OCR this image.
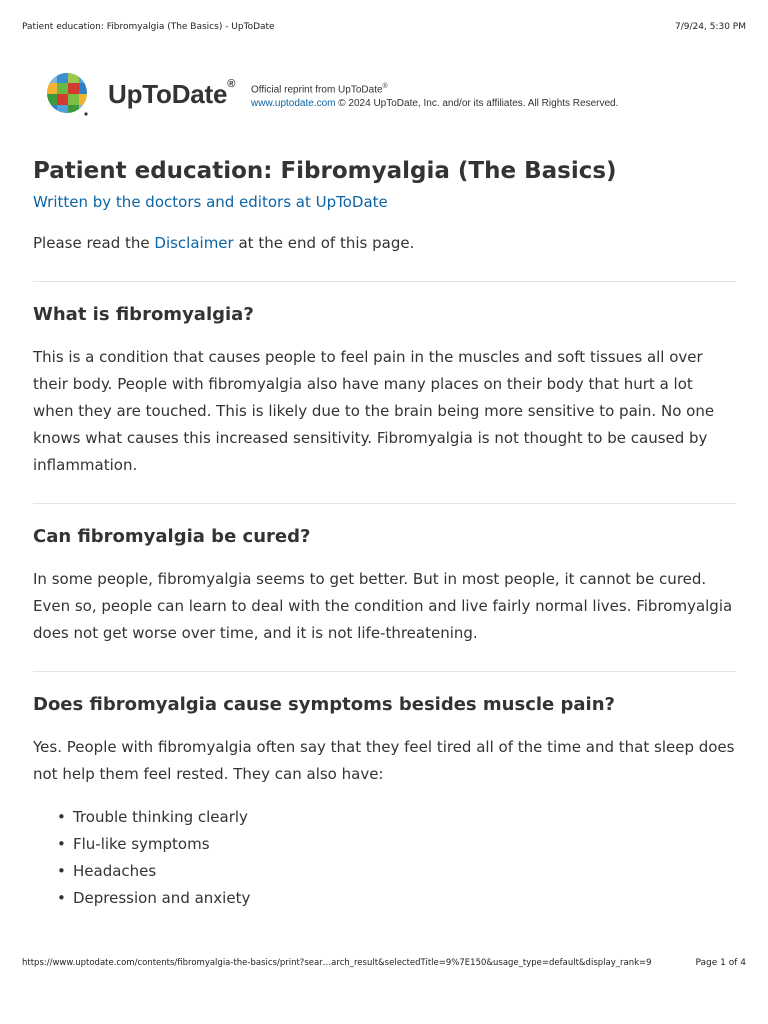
Patient education: Fibromyalgia (The Basics) - UpToDate	7/9/24, 5:30 PM
UpToDate® Official reprint from UpToDate®
www.uptodate.com © 2024 UpToDate, Inc. and/or its affiliates. All Rights Reserved.
Patient education: Fibromyalgia (The Basics)
Written by the doctors and editors at UpToDate

Please read the Disclaimer at the end of this page.

What is fibromyalgia?

This is a condition that causes people to feel pain in the muscles and soft tissues all over their body. People with fibromyalgia also have many places on their body that hurt a lot when they are touched. This is likely due to the brain being more sensitive to pain. No one knows what causes this increased sensitivity. Fibromyalgia is not thought to be caused by inflammation.

Can fibromyalgia be cured?

In some people, fibromyalgia seems to get better. But in most people, it cannot be cured. Even so, people can learn to deal with the condition and live fairly normal lives. Fibromyalgia does not get worse over time, and it is not life-threatening.

Does fibromyalgia cause symptoms besides muscle pain?

Yes. People with fibromyalgia often say that they feel tired all of the time and that sleep does not help them feel rested. They can also have:

• Trouble thinking clearly
• Flu-like symptoms
• Headaches
• Depression and anxiety
https://www.uptodate.com/contents/fibromyalgia-the-basics/print?sear…arch_result&selectedTitle=9%7E150&usage_type=default&display_rank=9	Page 1 of 4
